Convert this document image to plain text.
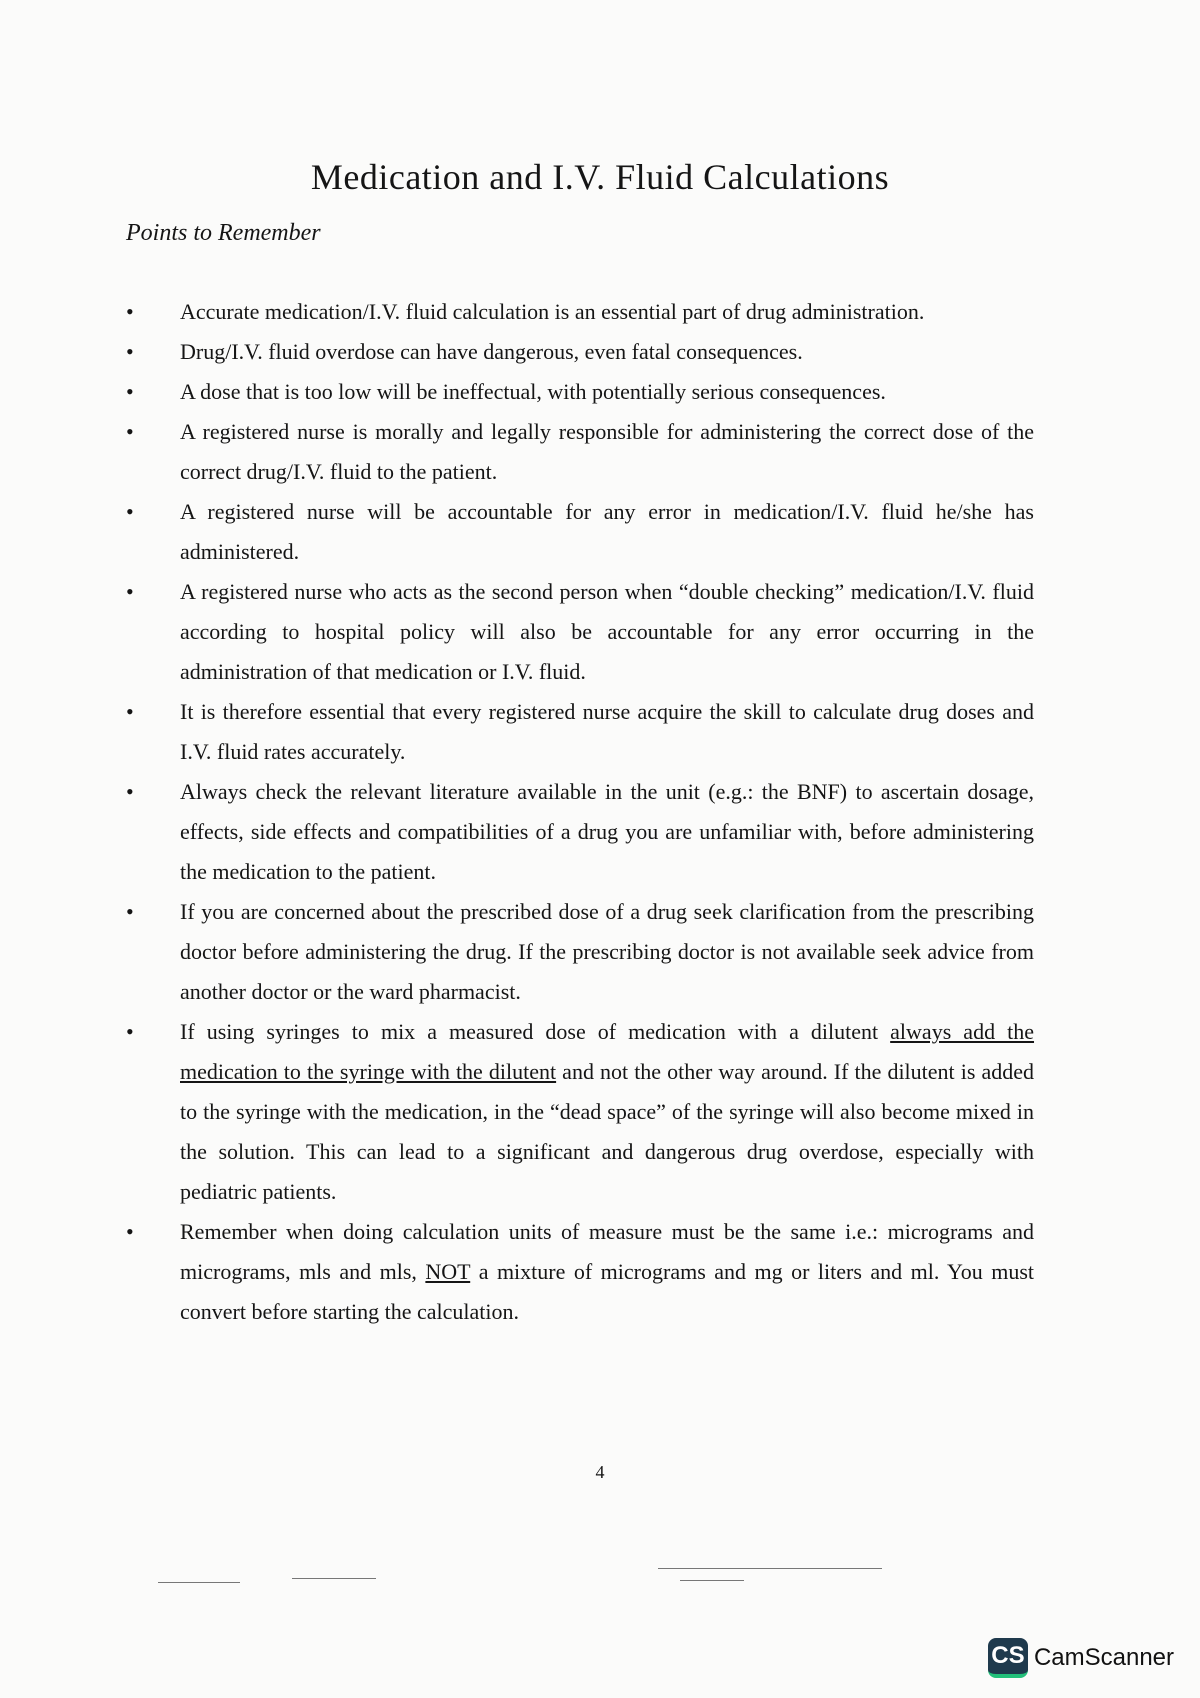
Medication and I.V. Fluid Calculations
Points to Remember
• Accurate medication/I.V. fluid calculation is an essential part of drug administration.
• Drug/I.V. fluid overdose can have dangerous, even fatal consequences.
• A dose that is too low will be ineffectual, with potentially serious consequences.
• A registered nurse is morally and legally responsible for administering the correct dose of the correct drug/I.V. fluid to the patient.
• A registered nurse will be accountable for any error in medication/I.V. fluid he/she has administered.
• A registered nurse who acts as the second person when “double checking” medication/I.V. fluid according to hospital policy will also be accountable for any error occurring in the administration of that medication or I.V. fluid.
• It is therefore essential that every registered nurse acquire the skill to calculate drug doses and I.V. fluid rates accurately.
• Always check the relevant literature available in the unit (e.g.: the BNF) to ascertain dosage, effects, side effects and compatibilities of a drug you are unfamiliar with, before administering the medication to the patient.
• If you are concerned about the prescribed dose of a drug seek clarification from the prescribing doctor before administering the drug. If the prescribing doctor is not available seek advice from another doctor or the ward pharmacist.
• If using syringes to mix a measured dose of medication with a dilutent always add the medication to the syringe with the dilutent and not the other way around. If the dilutent is added to the syringe with the medication, in the “dead space” of the syringe will also become mixed in the solution. This can lead to a significant and dangerous drug overdose, especially with pediatric patients.
• Remember when doing calculation units of measure must be the same i.e.: micrograms and micrograms, mls and mls, NOT a mixture of micrograms and mg or liters and ml. You must convert before starting the calculation.
4
CS CamScanner
